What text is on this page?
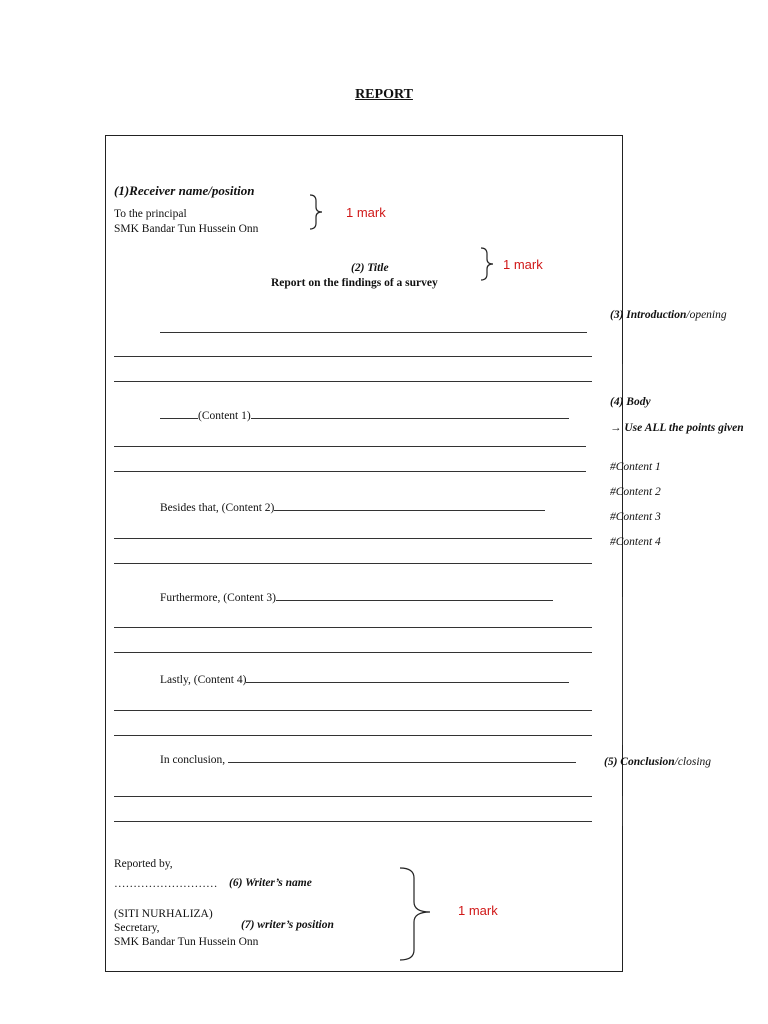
REPORT
(1)Receiver name/position
To the principal
SMK Bandar Tun Hussein Onn
1 mark
(2) Title
Report on the findings of a survey
1 mark
(Content 1)
Besides that, (Content 2)
Furthermore, (Content 3)
Lastly, (Content 4)
In conclusion,
Reported by,
……………………… (6) Writer’s name
(SITI NURHALIZA)
Secretary,	(7) writer’s position
SMK Bandar Tun Hussein Onn
1 mark
(3) Introduction/opening
(4) Body
→ Use ALL the points given
#Content 1
#Content 2
#Content 3
#Content 4
(5) Conclusion/closing
